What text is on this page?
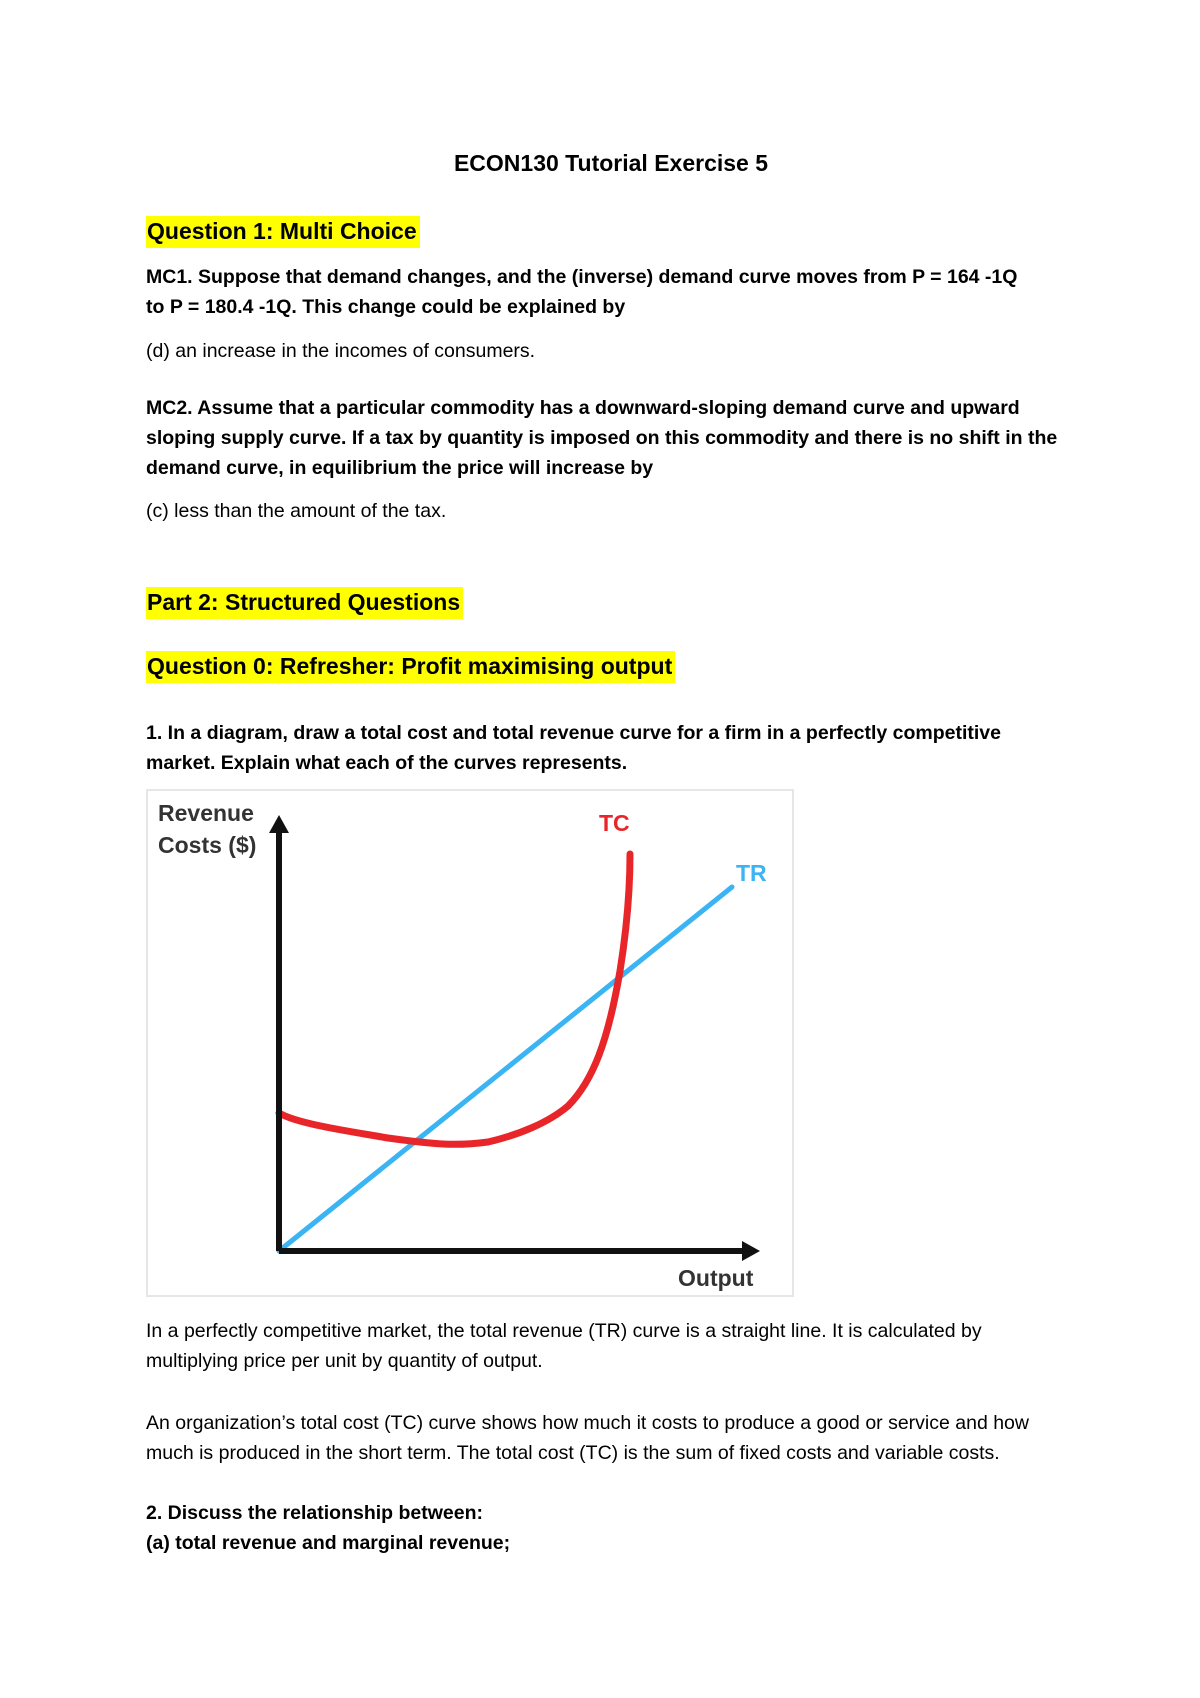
ECON130 Tutorial Exercise 5
Question 1: Multi Choice
MC1. Suppose that demand changes, and the (inverse) demand curve moves from P = 164 -1Q to P = 180.4 -1Q. This change could be explained by
(d) an increase in the incomes of consumers.
MC2. Assume that a particular commodity has a downward-sloping demand curve and upward sloping supply curve. If a tax by quantity is imposed on this commodity and there is no shift in the demand curve, in equilibrium the price will increase by
(c) less than the amount of the tax.
Part 2: Structured Questions
Question 0: Refresher: Profit maximising output
1. In a diagram, draw a total cost and total revenue curve for a firm in a perfectly competitive market. Explain what each of the curves represents.
Revenue
Costs ($)
Output
TC
TR
In a perfectly competitive market, the total revenue (TR) curve is a straight line. It is calculated by multiplying price per unit by quantity of output.
An organization’s total cost (TC) curve shows how much it costs to produce a good or service and how much is produced in the short term. The total cost (TC) is the sum of fixed costs and variable costs.
2. Discuss the relationship between:
(a) total revenue and marginal revenue;
